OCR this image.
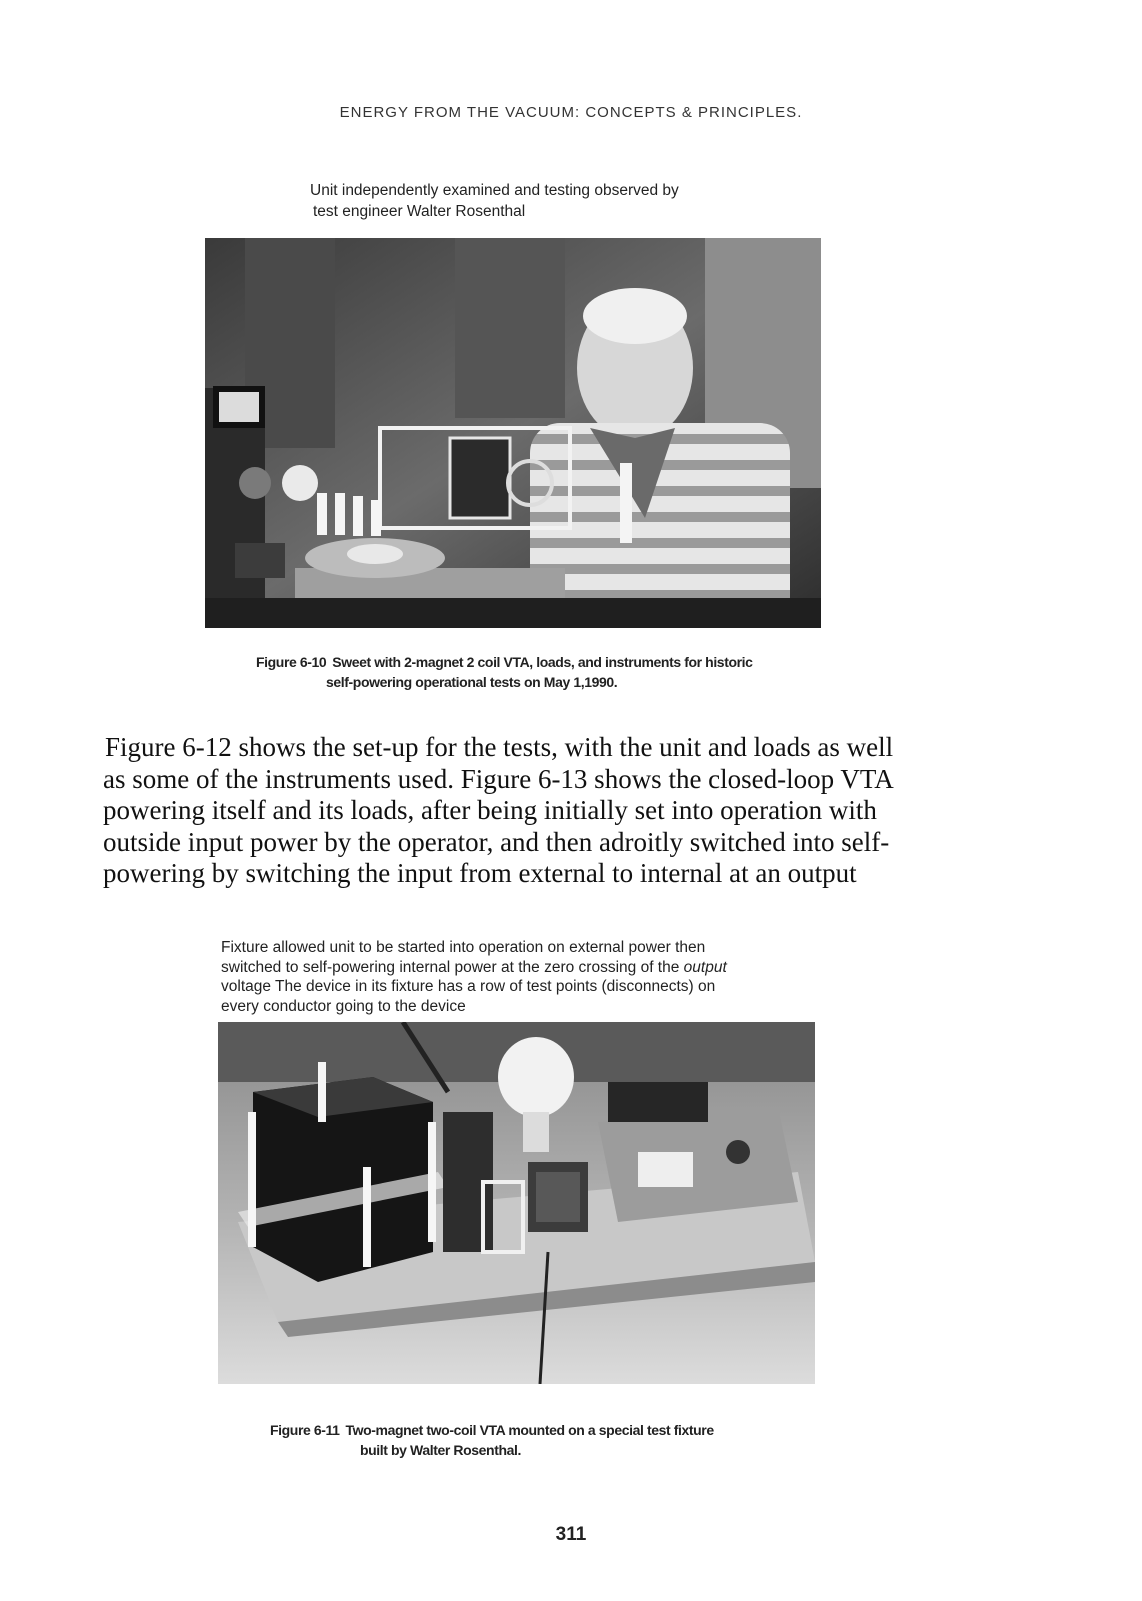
ENERGY FROM THE VACUUM: CONCEPTS & PRINCIPLES.
Unit independently examined and testing observed by
test engineer Walter Rosenthal
Figure 6-10 Sweet with 2-magnet 2 coil VTA, loads, and instruments for historic
self-powering operational tests on May 1,1990.
Figure 6-12 shows the set-up for the tests, with the unit and loads as well
as some of the instruments used. Figure 6-13 shows the closed-loop VTA
powering itself and its loads, after being initially set into operation with
outside input power by the operator, and then adroitly switched into self-
powering by switching the input from external to internal at an output
Fixture allowed unit to be started into operation on external power then
switched to self-powering internal power at the zero crossing of the output
voltage The device in its fixture has a row of test points (disconnects) on
every conductor going to the device
Figure 6-11 Two-magnet two-coil VTA mounted on a special test fixture
built by Walter Rosenthal.
311
